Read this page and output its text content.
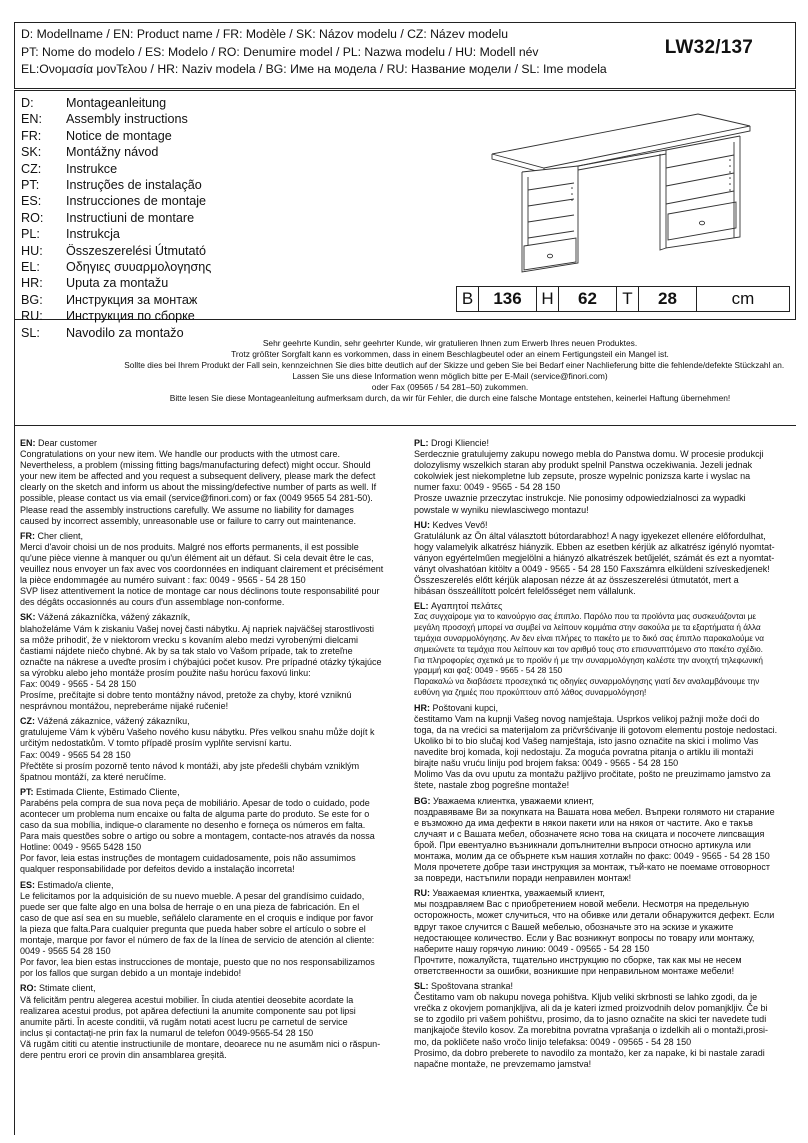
D: Modellname / EN: Product name / FR: Modèle / SK: Názov modelu / CZ: Název modelu
PT: Nome do modelo / ES: Modelo / RO: Denumire model / PL: Nazwa modelu / HU: Modell név
EL:Ονομασία μονΤελου / HR: Naziv modela / BG: Име на модела / RU: Название модели / SL: Ime modela
LW32/137
D:	Montageanleitung
EN:	Assembly instructions
FR:	Notice de montage
SK:	Montážny návod
CZ:	Instrukce
PT:	Instruções de instalação
ES:	Instrucciones de montaje
RO:	Instructiuni de montare
PL:	Instrukcja
HU:	Összeszerelési Útmutató
EL:	Οδηγιες συυαρμολογησης
HR:	Uputa za montažu
BG:	Инструкция за монтаж
RU:	Инструкция по сборке
SL:	Navodilo za montažo
B	136	H	62	T	28	cm
Sehr geehrte Kundin, sehr geehrter Kunde, wir gratulieren Ihnen zum Erwerb Ihres neuen Produktes.
Trotz größter Sorgfalt kann es vorkommen, dass in einem Beschlagbeutel oder an einem Fertigungsteil ein Mangel ist.
Sollte dies bei Ihrem Produkt der Fall sein, kennzeichnen Sie dies bitte deutlich auf der Skizze und geben Sie bei Bedarf einer Nachlieferung bitte die fehlende/defekte Stückzahl an.
Lassen Sie uns diese Information wenn möglich bitte per E-Mail (service@finori.com)
oder Fax (09565 / 54 281–50) zukommen.
Bitte lesen Sie diese Montageanleitung aufmerksam durch, da wir für Fehler, die durch eine falsche Montage entstehen, keinerlei Haftung übernehmen!
EN: Dear customer
Congratulations on your new item. We handle our products with the utmost care.
Nevertheless, a problem (missing fitting bags/manufacturing defect) might occur. Should
your new item be affected and you request a subsequent delivery, please mark the defect
clearly on the sketch and inform us about the missing/defective number of parts as well. If
possible, please contact us via email (service@finori.com) or fax (0049 9565 54 281-50).
Please read the assembly instructions carefully. We assume no liability for damages
caused by incorrect assembly, unreasonable use or failure to carry out maintenance.
FR: Cher client,
Merci d'avoir choisi un de nos produits. Malgré nos efforts permanents, il est possible
qu'une pièce vienne à manquer ou qu'un élément ait un défaut. Si cela devait être le cas,
veuillez nous envoyer un fax avec vos coordonnées en indiquant clairement et précisément
la pièce endommagée au numéro suivant : fax: 0049 - 9565 - 54 28 150
SVP lisez attentivement la notice de montage car nous déclinons toute responsabilité pour
des dégâts occasionnés au cours d'un assemblage non-conforme.
SK: Vážená zákazníčka, vážený zákazník,
blahoželáme Vám k ziskaniu Vašej novej časti nábytku. Aj napriek najväčšej starostlivosti
sa môže prihodiť, že v niektorom vrecku s kovaním alebo medzi vyrobenými dielcami
častiami nájdete niečo chybné. Ak by sa tak stalo vo Vašom prípade, tak to zreteľne
označte na nákrese a uveďte prosím i chýbajúci počet kusov. Pre prípadné otázky týkajúce
sa výrobku alebo jeho montáže prosím použite našu horúcu faxovú linku:
Fax: 0049 - 9565 - 54 28 150
Prosíme, prečítajte si dobre tento montážny návod, pretože za chyby, ktoré vzniknú
nesprávnou montážou, nepreberáme nijaké ručenie!
CZ: Vážená zákaznice, vážený zákazníku,
gratulujeme Vám k výběru Vašeho nového kusu nábytku. Přes velkou snahu může dojít k
určitým nedostatkům. V tomto případě prosím vyplňte servisní kartu.
Fax: 0049 - 9565 54 28 150
Přečtěte si prosím pozorně tento návod k montáži, aby jste předešli chybám vzniklým
špatnou montáží, za které neručíme.
PT: Estimada Cliente, Estimado Cliente,
Parabéns pela compra de sua nova peça de mobiliário. Apesar de todo o cuidado, pode
acontecer um problema num encaixe ou falta de alguma parte do produto. Se este for o
caso da sua mobília, indique-o claramente no desenho e forneça os números em falta.
Para mais questões sobre o artigo ou sobre a montagem, contacte-nos através da nossa
Hotline: 0049 - 9565 5428 150
Por favor, leia estas instruções de montagem cuidadosamente, pois não assumimos
qualquer responsabilidade por defeitos devido a instalação incorreta!
ES: Estimado/a cliente,
Le felicitamos por la adquisición de su nuevo mueble. A pesar del grandísimo cuidado,
puede ser que falte algo en una bolsa de herraje o en una pieza de fabricación. En el
caso de que así sea en su mueble, señálelo claramente en el croquis e indique por favor
la pieza que falta.Para cualquier pregunta que pueda haber sobre el artículo o sobre el
montaje, marque por favor el número de fax de la línea de servicio de atención al cliente:
0049 - 9565 54 28 150
Por favor, lea bien estas instrucciones de montaje, puesto que no nos responsabilizamos
por los fallos que surgan debido a un montaje indebido!
RO: Stimate client,
Vă felicităm pentru alegerea acestui mobilier. În ciuda atentiei deosebite acordate la
realizarea acestui produs, pot apărea defectiuni la anumite componente sau pot lipsi
anumite părti. În aceste conditii, vă rugăm notati acest lucru pe carnetul de service
inclus și contactați-ne prin fax la numarul de telefon 0049-9565-54 28 150
Vă rugăm cititi cu atentie instructiunile de montare, deoarece nu ne asumăm nici o răspun-
dere pentru erori ce provin din ansamblarea greșită.
PL: Drogi Kliencie!
Serdecznie gratulujemy zakupu nowego mebla do Panstwa domu. W procesie produkcji
dolozylismy wszelkich staran aby produkt spelnil Panstwa oczekiwania. Jezeli jednak
cokolwiek jest niekompletne lub zepsute, prosze wypelnic ponizsza karte i wyslac na
numer faxu: 0049 - 9565 - 54 28 150
Prosze uwaznie przeczytac instrukcje. Nie ponosimy odpowiedzialnosci za wypadki
powstale w wyniku niewlasciwego montazu!
HU: Kedves Vevő!
Gratulálunk az Ön által választott bútordarabhoz! A nagy igyekezet ellenére előfordulhat,
hogy valamelyik alkatrész hiányzik. Ebben az esetben kérjük az alkatrész igényló nyomtat-
ványon egyértelműen megjelölni a hiányzó alkatrészek betűjelét, számát és ezt a nyomtat-
ványt olvashatóan kitöltv a 0049 - 9565 - 54 28 150 Faxszámra elküldeni szíveskedjenek!
Összeszerelés előtt kérjük alaposan nézze át az összeszerelési útmutatót, mert a
hibásan összeállított polcért felelősséget nem vállalunk.
EL: Αγαπητοί πελάτες
Σας συγχαίρομε για το καινούργιο σας έπιπλο. Παρόλο που τα προϊόντα μας συσκευάζονται με
μεγάλη προσοχή μπορεί να συμβεί να λείπουν κομμάτια στην σακούλα με τα εξαρτήματα ή άλλα
τεμάχια συναρμολόγησης. Αν δεν είναι πλήρες το πακέτο με το δικό σας έπιπλο παρακαλούμε να
σημειώνετε τα τεμάχια που λείπουν και τον αριθμό τους στο επισυναπτόμενο στο πακέτο σχέδιο.
Για πληροφορίες σχετικά με το προϊόν ή με την συναρμολόγηση καλέστε την ανοιχτή τηλεφωνική
γραμμή και φαξ: 0049 - 9565 - 54 28 150
Παρακαλώ να διαβάσετε προσεχτικά τις οδηγίες συναρμολόγησης γιατί δεν αναλαμβάνουμε την
ευθύνη για ζημιές που προκύπτουν από λάθος συναρμολόγηση!
HR: Poštovani kupci,
čestitamo Vam na kupnji Vašeg novog namještaja. Usprkos velikoj pažnji može doći do
toga, da na vrećici sa materijalom za pričvršćivanje ili gotovom elementu postoje nedostaci.
Ukoliko bi to bio slučaj kod Vašeg namještaja, isto jasno označite na skici i molimo Vas
navedite broj komada, koji nedostaju. Za moguća povratna pitanja o artiklu ili montaži
birajte našu vruću liniju pod brojem faksa: 0049 - 9565 - 54 28 150
Molimo Vas da ovu uputu za montažu pažljivo pročitate, pošto ne preuzimamo jamstvo za
štete, nastale zbog pogrešne montaže!
BG: Уважаема клиентка, уважаеми клиент,
поздравяваме Ви за покупката на Вашата нова мебел. Въпреки голямото ни старание
е възможно да има дефекти в някои пакети или на някоя от частите. Ако е такъв
случаят и с Вашата мебел, обозначете ясно това на скицата и посочете липсващия
брой. При евентуално възникнали допълнителни въпроси относно артикула или
монтажа, молим да се обърнете към нашия хотлайн по факс: 0049 - 9565 - 54 28 150
Моля прочетете добре тази инструкция за монтаж, тъй-като не поемаме отговорност
за повреди, настъпили поради неправилен монтаж!
RU: Уважаемая клиентка, уважаемый клиент,
мы поздравляем Вас с приобретением новой мебели. Несмотря на предельную
осторожность, может случиться, что на обивке или детали обнаружится дефект. Если
вдруг такое случится с Вашей мебелью, обозначьте это на эскизе и укажите
недостающее количество. Если у Вас возникнут вопросы по товару или монтажу,
наберите нашу горячую линию: 0049 - 09565 - 54 28 150
Прочтите, пожалуйста, тщательно инструкцию по сборке, так как мы не несем
ответственности за ошибки, возникшие при неправильном монтаже мебели!
SL: Spoštovana stranka!
Čestitamo vam ob nakupu novega pohištva. Kljub veliki skrbnosti se lahko zgodi, da je
vrečka z okovjem pomanjkljiva, ali da je kateri izmed proizvodnih delov pomanjkljiv. Če bi
se to zgodilo pri vašem pohištvu, prosimo, da to jasno označite na skici ter navedete tudi
manjkajoče število kosov. Za morebitna povratna vprašanja o izdelkih ali o montaži,prosi-
mo, da pokličete našo vročo linijo telefaksa: 0049 - 09565 - 54 28 150
Prosimo, da dobro preberete to navodilo za montažo, ker za napake, ki bi nastale zaradi
napačne montaže, ne prevzemamo jamstva!
